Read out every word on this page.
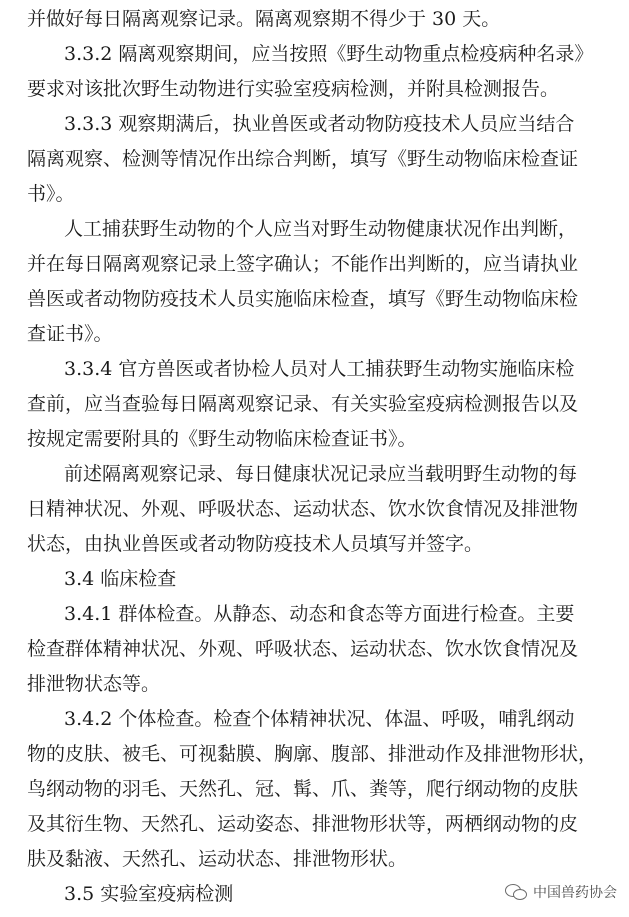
并做好每日隔离观察记录。隔离观察期不得少于 30 天。
3.3.2 隔离观察期间，应当按照《野生动物重点检疫病种名录》
要求对该批次野生动物进行实验室疫病检测，并附具检测报告。
3.3.3 观察期满后，执业兽医或者动物防疫技术人员应当结合
隔离观察、检测等情况作出综合判断，填写《野生动物临床检查证
书》。
人工捕获野生动物的个人应当对野生动物健康状况作出判断，
并在每日隔离观察记录上签字确认；不能作出判断的，应当请执业
兽医或者动物防疫技术人员实施临床检查，填写《野生动物临床检
查证书》。
3.3.4 官方兽医或者协检人员对人工捕获野生动物实施临床检
查前，应当查验每日隔离观察记录、有关实验室疫病检测报告以及
按规定需要附具的《野生动物临床检查证书》。
前述隔离观察记录、每日健康状况记录应当载明野生动物的每
日精神状况、外观、呼吸状态、运动状态、饮水饮食情况及排泄物
状态，由执业兽医或者动物防疫技术人员填写并签字。
3.4 临床检查
3.4.1 群体检查。从静态、动态和食态等方面进行检查。主要
检查群体精神状况、外观、呼吸状态、运动状态、饮水饮食情况及
排泄物状态等。
3.4.2 个体检查。检查个体精神状况、体温、呼吸，哺乳纲动
物的皮肤、被毛、可视黏膜、胸廓、腹部、排泄动作及排泄物形状，
鸟纲动物的羽毛、天然孔、冠、髯、爪、粪等，爬行纲动物的皮肤
及其衍生物、天然孔、运动姿态、排泄物形状等，两栖纲动物的皮
肤及黏液、天然孔、运动状态、排泄物形状。
3.5 实验室疫病检测	中国兽药协会
